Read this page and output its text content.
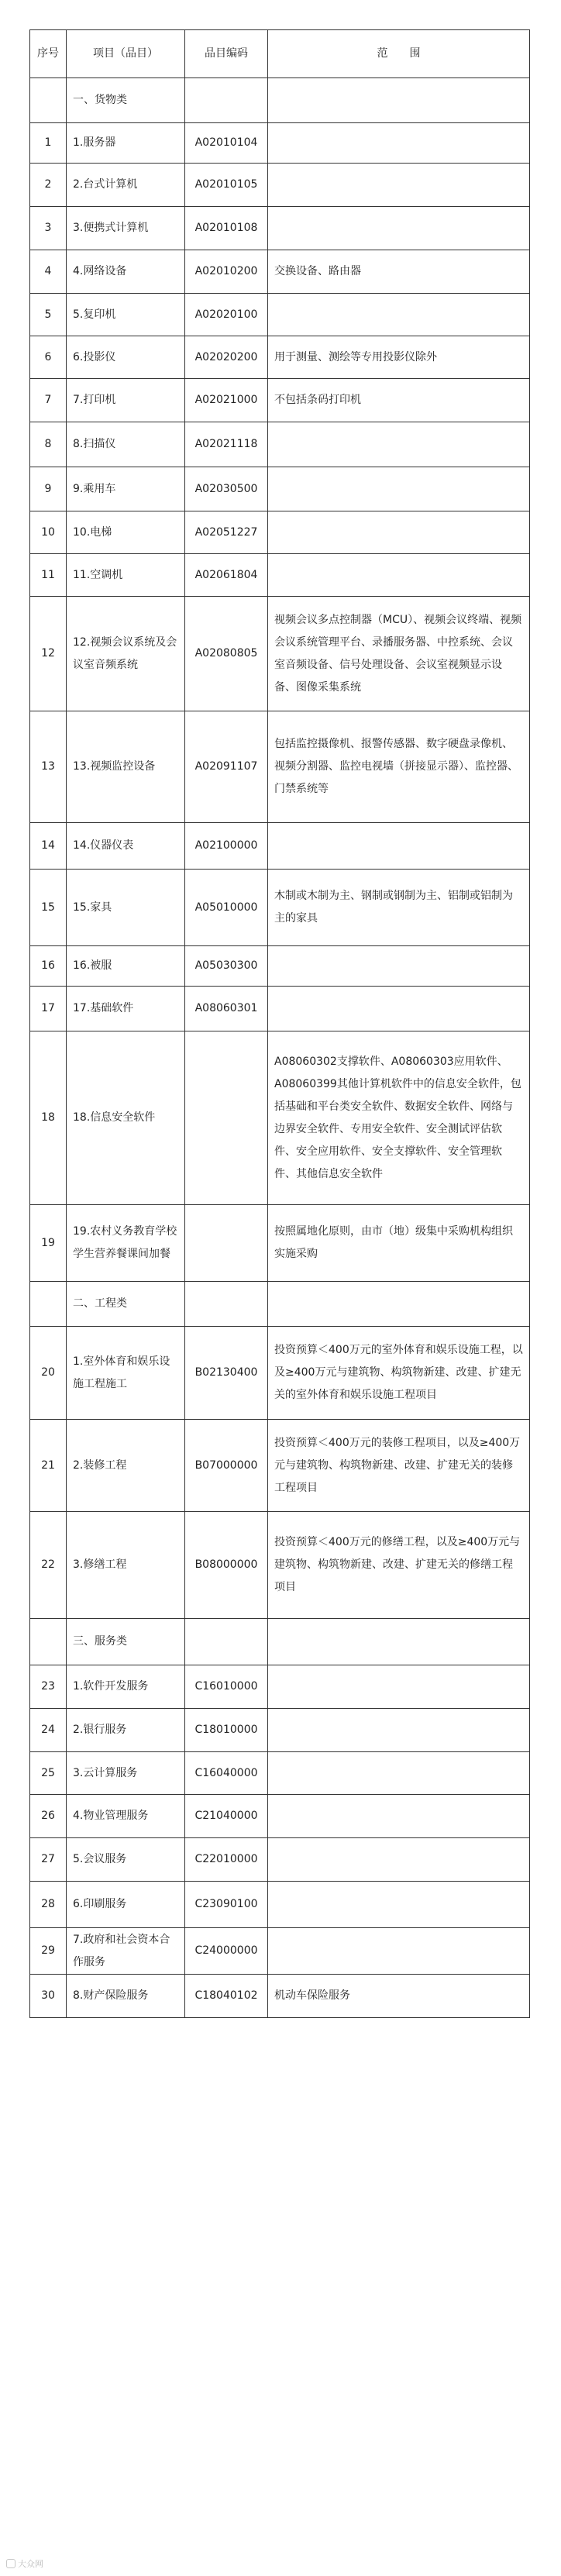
序号	项目（品目）	品目编码	范　　围
	一、货物类		
1	1.服务器	A02010104	
2	2.台式计算机	A02010105	
3	3.便携式计算机	A02010108	
4	4.网络设备	A02010200	交换设备、路由器
5	5.复印机	A02020100	
6	6.投影仪	A02020200	用于测量、测绘等专用投影仪除外
7	7.打印机	A02021000	不包括条码打印机
8	8.扫描仪	A02021118	
9	9.乘用车	A02030500	
10	10.电梯	A02051227	
11	11.空调机	A02061804	
12	12.视频会议系统及会议室音频系统	A02080805	视频会议多点控制器（MCU）、视频会议终端、视频会议系统管理平台、录播服务器、中控系统、会议室音频设备、信号处理设备、会议室视频显示设备、图像采集系统
13	13.视频监控设备	A02091107	包括监控摄像机、报警传感器、数字硬盘录像机、视频分割器、监控电视墙（拼接显示器）、监控器、门禁系统等
14	14.仪器仪表	A02100000	
15	15.家具	A05010000	木制或木制为主、钢制或钢制为主、铝制或铝制为主的家具
16	16.被服	A05030300	
17	17.基础软件	A08060301	
18	18.信息安全软件		A08060302支撑软件、A08060303应用软件、A08060399其他计算机软件中的信息安全软件，包括基础和平台类安全软件、数据安全软件、网络与边界安全软件、专用安全软件、安全测试评估软件、安全应用软件、安全支撑软件、安全管理软件、其他信息安全软件
19	19.农村义务教育学校学生营养餐课间加餐		按照属地化原则，由市（地）级集中采购机构组织实施采购
	二、工程类		
20	1.室外体育和娱乐设施工程施工	B02130400	投资预算＜400万元的室外体育和娱乐设施工程，以及≥400万元与建筑物、构筑物新建、改建、扩建无关的室外体育和娱乐设施工程项目
21	2.装修工程	B07000000	投资预算＜400万元的装修工程项目，以及≥400万元与建筑物、构筑物新建、改建、扩建无关的装修工程项目
22	3.修缮工程	B08000000	投资预算＜400万元的修缮工程，以及≥400万元与建筑物、构筑物新建、改建、扩建无关的修缮工程项目
	三、服务类		
23	1.软件开发服务	C16010000	
24	2.银行服务	C18010000	
25	3.云计算服务	C16040000	
26	4.物业管理服务	C21040000	
27	5.会议服务	C22010000	
28	6.印刷服务	C23090100	
29	7.政府和社会资本合作服务	C24000000	
30	8.财产保险服务	C18040102	机动车保险服务
大众网
